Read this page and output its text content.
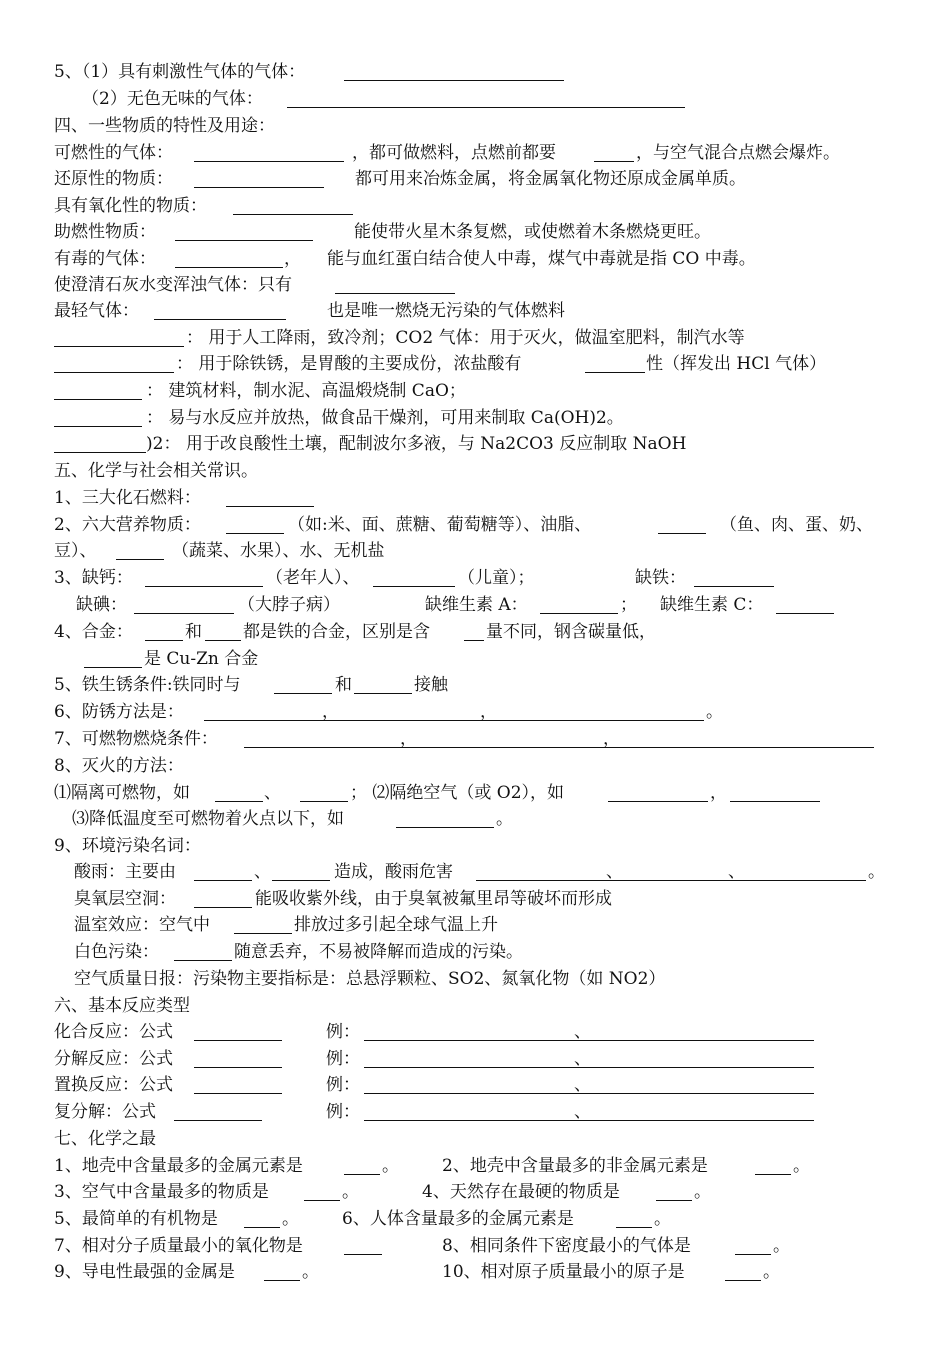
5、（1）具有刺激性气体的气体：
（2）无色无味的气体：
四、一些物质的特性及用途：
可燃性的气体：	，都可做燃料，点燃前都要	，与空气混合点燃会爆炸。
还原性的物质：	都可用来冶炼金属，将金属氧化物还原成金属单质。
具有氧化性的物质：
助燃性物质：	能使带火星木条复燃，或使燃着木条燃烧更旺。
有毒的气体：	， 能与血红蛋白结合使人中毒，煤气中毒就是指 CO 中毒。
使澄清石灰水变浑浊气体：只有
最轻气体：	也是唯一燃烧无污染的气体燃料
： 用于人工降雨，致冷剂；CO2 气体：用于灭火，做温室肥料，制汽水等
： 用于除铁锈，是胃酸的主要成份，浓盐酸有	性（挥发出 HCl 气体）
： 建筑材料，制水泥、高温煅烧制 CaO；
： 易与水反应并放热，做食品干燥剂，可用来制取 Ca(OH)2。
)2： 用于改良酸性土壤，配制波尔多液，与 Na2CO3 反应制取 NaOH
五、化学与社会相关常识。
1、三大化石燃料：
2、六大营养物质：	（如:米、面、蔗糖、葡萄糖等）、油脂、	（鱼、肉、蛋、奶、
豆）、	（蔬菜、水果）、水、无机盐
3、缺钙：	（老年人）、	（儿童）；	缺铁：
缺碘：	（大脖子病）	缺维生素 A：	； 缺维生素 C：
4、合金：	和 都是铁的合金，区别是含	量不同，钢含碳量低，
是 Cu-Zn 合金
5、铁生锈条件:铁同时与	和	接触
6、防锈方法是：	，	，	。
7、可燃物燃烧条件：	，	，
8、灭火的方法：
⑴隔离可燃物，如	、	； ⑵隔绝空气（或 O2），如	，
⑶降低温度至可燃物着火点以下，如	。
9、环境污染名词：
酸雨：主要由	、	造成，酸雨危害	、	、	。
臭氧层空洞：	能吸收紫外线，由于臭氧被氟里昂等破坏而形成
温室效应：空气中	排放过多引起全球气温上升
白色污染：	随意丢弃，不易被降解而造成的污染。
空气质量日报：污染物主要指标是：总悬浮颗粒、SO2、氮氧化物（如 NO2）
六、基本反应类型
化合反应：公式	例：	、
分解反应：公式	例：	、
置换反应：公式	例：	、
复分解：公式	例：	、
七、化学之最
1、地壳中含量最多的金属元素是	。	2、地壳中含量最多的非金属元素是	。
3、空气中含量最多的物质是	。	4、天然存在最硬的物质是	。
5、最简单的有机物是	。	6、人体含量最多的金属元素是	。
7、相对分子质量最小的氧化物是	8、相同条件下密度最小的气体是	。
9、导电性最强的金属是	。	10、相对原子质量最小的原子是	。
